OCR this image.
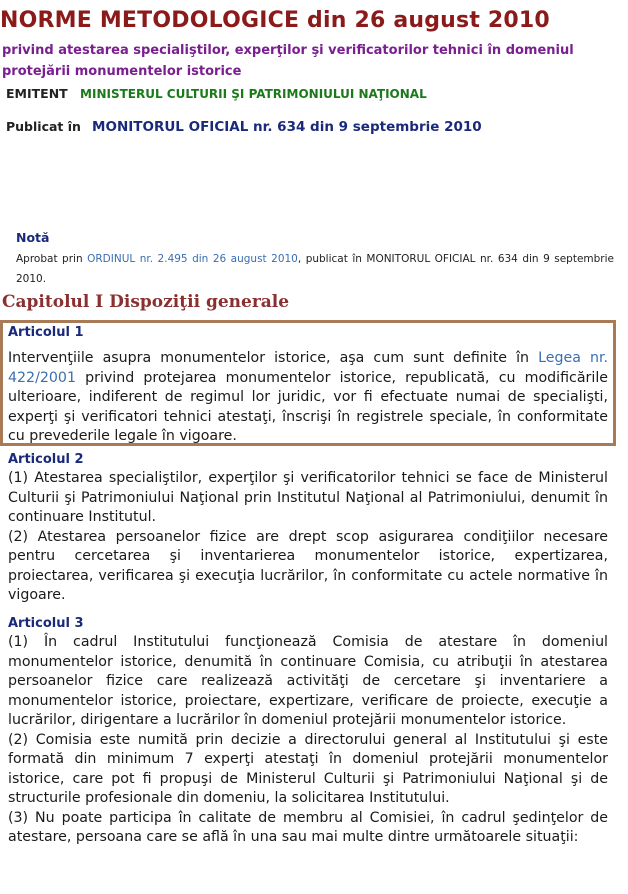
NORME METODOLOGICE din 26 august 2010
privind atestarea specialiştilor, experţilor şi verificatorilor tehnici în domeniul protejării monumentelor istorice
EMITENT MINISTERUL CULTURII ŞI PATRIMONIULUI NAŢIONAL
Publicat în MONITORUL OFICIAL nr. 634 din 9 septembrie 2010
Notă
Aprobat prin ORDINUL nr. 2.495 din 26 august 2010, publicat în MONITORUL OFICIAL nr. 634 din 9 septembrie 2010.
Capitolul I Dispoziţii generale
Articolul 1

Intervenţiile asupra monumentelor istorice, aşa cum sunt definite în Legea nr. 422/2001 privind protejarea monumentelor istorice, republicată, cu modificările ulterioare, indiferent de regimul lor juridic, vor fi efectuate numai de specialişti, experţi şi verificatori tehnici atestaţi, înscrişi în registrele speciale, în conformitate cu prevederile legale în vigoare.

Articolul 2

(1) Atestarea specialiştilor, experţilor şi verificatorilor tehnici se face de Ministerul Culturii şi Patrimoniului Naţional prin Institutul Naţional al Patrimoniului, denumit în continuare Institutul.

(2) Atestarea persoanelor fizice are drept scop asigurarea condiţiilor necesare pentru cercetarea şi inventarierea monumentelor istorice, expertizarea, proiectarea, verificarea şi execuţia lucrărilor, în conformitate cu actele normative în vigoare.

Articolul 3

(1) În cadrul Institutului funcţionează Comisia de atestare în domeniul monumentelor istorice, denumită în continuare Comisia, cu atribuţii în atestarea persoanelor fizice care realizează activităţi de cercetare şi inventariere a monumentelor istorice, proiectare, expertizare, verificare de proiecte, execuţie a lucrărilor, dirigentare a lucrărilor în domeniul protejării monumentelor istorice.

(2) Comisia este numită prin decizie a directorului general al Institutului şi este formată din minimum 7 experţi atestaţi în domeniul protejării monumentelor istorice, care pot fi propuşi de Ministerul Culturii şi Patrimoniului Naţional şi de structurile profesionale din domeniu, la solicitarea Institutului.

(3) Nu poate participa în calitate de membru al Comisiei, în cadrul şedinţelor de atestare, persoana care se află în una sau mai multe dintre următoarele situaţii:
